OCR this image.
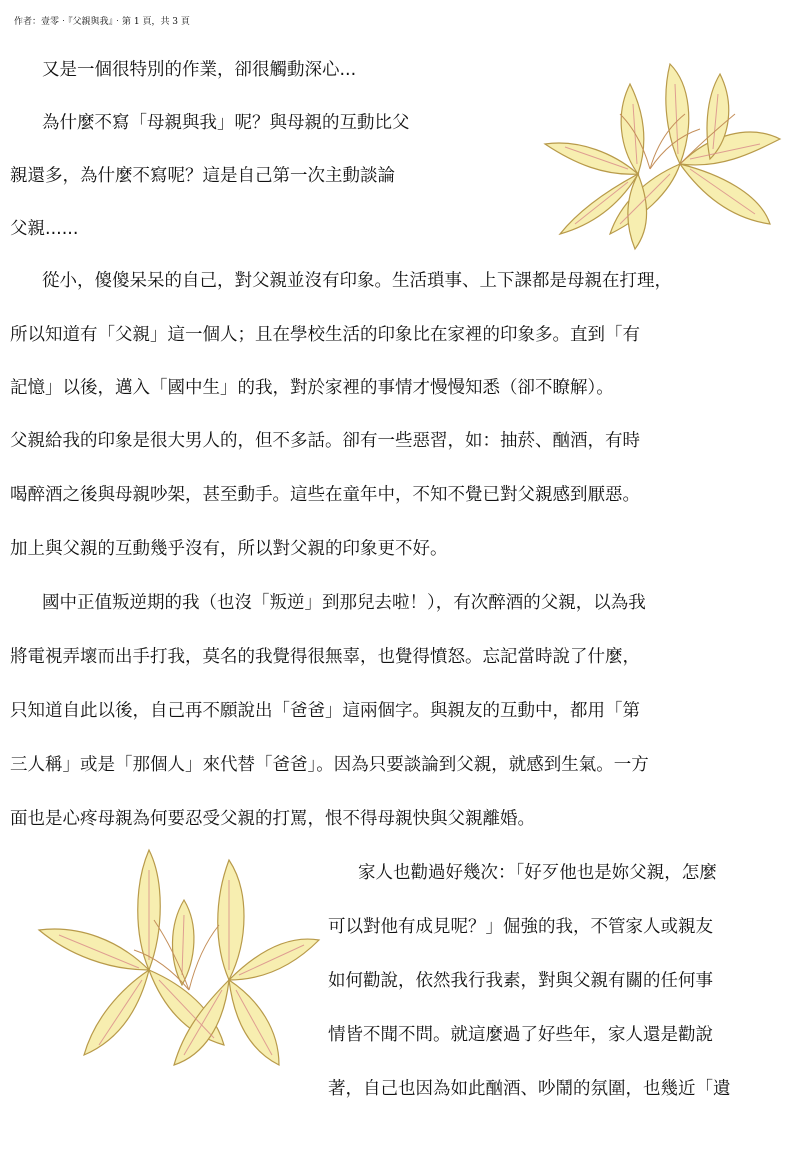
作者：壹零‧『父親與我』‧第 1 頁，共 3 頁
又是一個很特別的作業，卻很觸動深心...
為什麼不寫「母親與我」呢？與母親的互動比父
親還多，為什麼不寫呢？這是自己第一次主動談論
父親......
從小，傻傻呆呆的自己，對父親並沒有印象。生活瑣事、上下課都是母親在打理，
所以知道有「父親」這一個人；且在學校生活的印象比在家裡的印象多。直到「有
記憶」以後，邁入「國中生」的我，對於家裡的事情才慢慢知悉（卻不瞭解）。
父親給我的印象是很大男人的，但不多話。卻有一些惡習，如：抽菸、酗酒，有時
喝醉酒之後與母親吵架，甚至動手。這些在童年中，不知不覺已對父親感到厭惡。
加上與父親的互動幾乎沒有，所以對父親的印象更不好。
國中正值叛逆期的我（也沒「叛逆」到那兒去啦！），有次醉酒的父親，以為我
將電視弄壞而出手打我，莫名的我覺得很無辜，也覺得憤怒。忘記當時說了什麼，
只知道自此以後，自己再不願說出「爸爸」這兩個字。與親友的互動中，都用「第
三人稱」或是「那個人」來代替「爸爸」。因為只要談論到父親，就感到生氣。一方
面也是心疼母親為何要忍受父親的打罵，恨不得母親快與父親離婚。
家人也勸過好幾次：「好歹他也是妳父親，怎麼
可以對他有成見呢？」倔強的我，不管家人或親友
如何勸說，依然我行我素，對與父親有關的任何事
情皆不聞不問。就這麼過了好些年，家人還是勸說
著，自己也因為如此酗酒、吵鬧的氛圍，也幾近「遺
